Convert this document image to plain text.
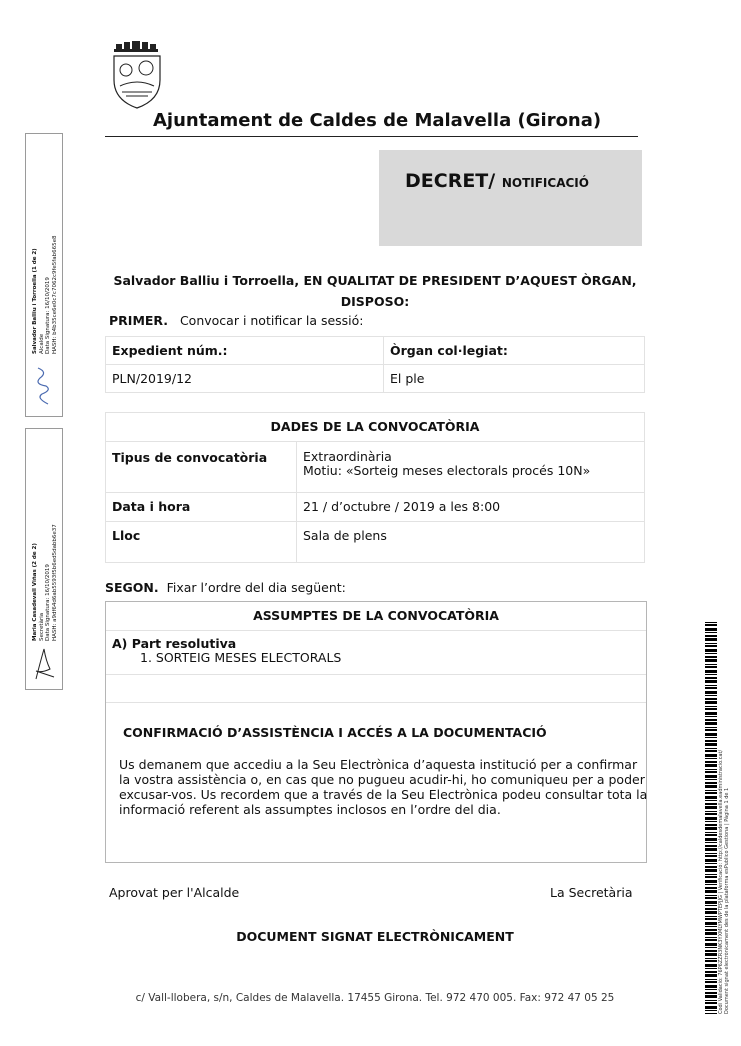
Ajuntament de Caldes de Malavella (Girona)
DECRET/ NOTIFICACIÓ
Salvador Balliu i Torroella, EN QUALITAT DE PRESIDENT D’AQUEST ÒRGAN,
DISPOSO:
PRIMER. Convocar i notificar la sessió:
Expedient núm.:	Òrgan col·legiat:
PLN/2019/12	El ple
DADES DE LA CONVOCATÒRIA	
Tipus de convocatòria	Extraordinària
Motiu: «Sorteig meses electorals procés 10N»

Data i hora	21 / d’octubre / 2019 a les 8:00
Lloc	Sala de plens
SEGON. Fixar l’ordre del dia següent:
ASSUMPTES DE LA CONVOCATÒRIA
A) Part resolutiva
1. SORTEIG MESES ELECTORALS
CONFIRMACIÓ D’ASSISTÈNCIA I ACCÉS A LA DOCUMENTACIÓ
Us demanem que accediu a la Seu Electrònica d’aquesta institució per a confirmar la vostra assistència o, en cas que no pugueu acudir-hi, ho comuniqueu per a poder excusar-vos. Us recordem que a través de la Seu Electrònica podeu consultar tota la informació referent als assumptes inclosos en l’ordre del dia.
Aprovat per l'Alcalde	La Secretària
DOCUMENT SIGNAT ELECTRÒNICAMENT
c/ Vall-llobera, s/n, Caldes de Malavella. 17455 Girona. Tel. 972 470 005. Fax: 972 47 05 25
Salvador Balliu i Torroella (1 de 2) Alcalde Data Signatura: 16/10/2019 HASH: b4b35ce6e0c7c7062c9fe5fab665e8
Maria Casadevall Viñas (2 de 2) Secretària Data Signatura: 16/10/2019 HASH: a9df64d6ab5593f5b6ed5dabb6e37
Codi Validació: 76P6ZZR3NK3YXMLYMWPTEPJJG | Verificació: http://caldesdemalavella.eadministracio.cat/ Document signat electrònicament des de la plataforma esPublico Gestiona | Pàgina 1 de 1
